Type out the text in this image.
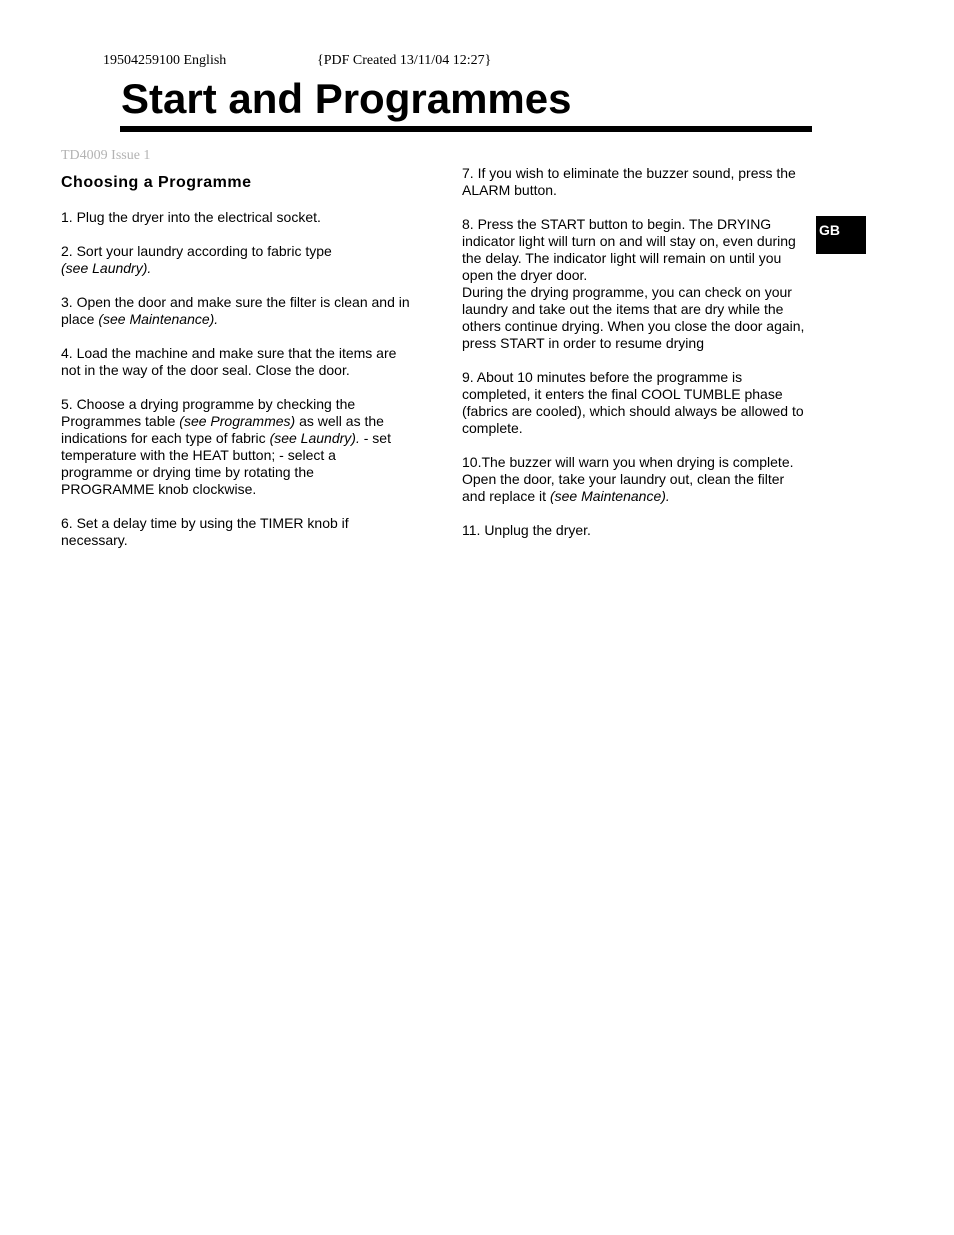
19504259100 English	{PDF Created 13/11/04 12:27}
Start and Programmes
TD4009 Issue 1
GB
Choosing a Programme

1. Plug the dryer into the electrical socket.

2. Sort your laundry according to fabric type

(see Laundry).

3. Open the door and make sure the filter is clean and in place (see Maintenance).

4. Load the machine and make sure that the items are not in the way of the door seal. Close the door.

5. Choose a drying programme by checking the Programmes table (see Programmes) as well as the indications for each type of fabric (see Laundry). - set temperature with the HEAT button; - select a programme or drying time by rotating the PROGRAMME knob clockwise.

6. Set a delay time by using the TIMER knob if necessary.

7. If you wish to eliminate the buzzer sound, press the ALARM button.

8. Press the START button to begin. The DRYING indicator light will turn on and will stay on, even during the delay. The indicator light will remain on until you open the dryer door.

During the drying programme, you can check on your laundry and take out the items that are dry while the others continue drying. When you close the door again, press START in order to resume drying

9. About 10 minutes before the programme is completed, it enters the final COOL TUMBLE phase (fabrics are cooled), which should always be allowed to complete.

10.The buzzer will warn you when drying is complete. Open the door, take your laundry out, clean the filter and replace it (see Maintenance).

11. Unplug the dryer.
